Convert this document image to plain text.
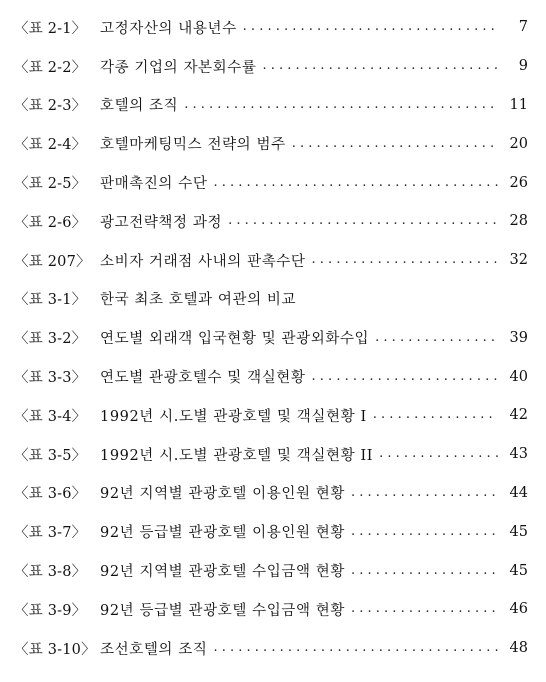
〈표 2-1〉 고정자산의 내용년수 . . .	7
〈표 2-2〉 각종 기업의 자본회수률 . . .	9
〈표 2-3〉 호텔의 조직 . . .	11
〈표 2-4〉 호텔마케팅믹스 전략의 범주 . . .	20
〈표 2-5〉 판매촉진의 수단 . . .	26
〈표 2-6〉 광고전략책정 과정 . . .	28
〈표 207〉 소비자 거래점 사내의 판촉수단 . . .	32
〈표 3-1〉 한국 최초 호텔과 여관의 비교
〈표 3-2〉 연도별 외래객 입국현황 및 관광외화수입 . . .	39
〈표 3-3〉 연도별 관광호텔수 및 객실현황 . . .	40
〈표 3-4〉 1992년 시.도별 관광호텔 및 객실현황 I . . .	42
〈표 3-5〉 1992년 시.도별 관광호텔 및 객실현황 II . . .	43
〈표 3-6〉 92년 지역별 관광호텔 이용인원 현황 . . .	44
〈표 3-7〉 92년 등급별 관광호텔 이용인원 현황 . . .	45
〈표 3-8〉 92년 지역별 관광호텔 수입금액 현황 . . .	45
〈표 3-9〉 92년 등급별 관광호텔 수입금액 현황 . . .	46
〈표 3-10〉 조선호텔의 조직 . . .	48
